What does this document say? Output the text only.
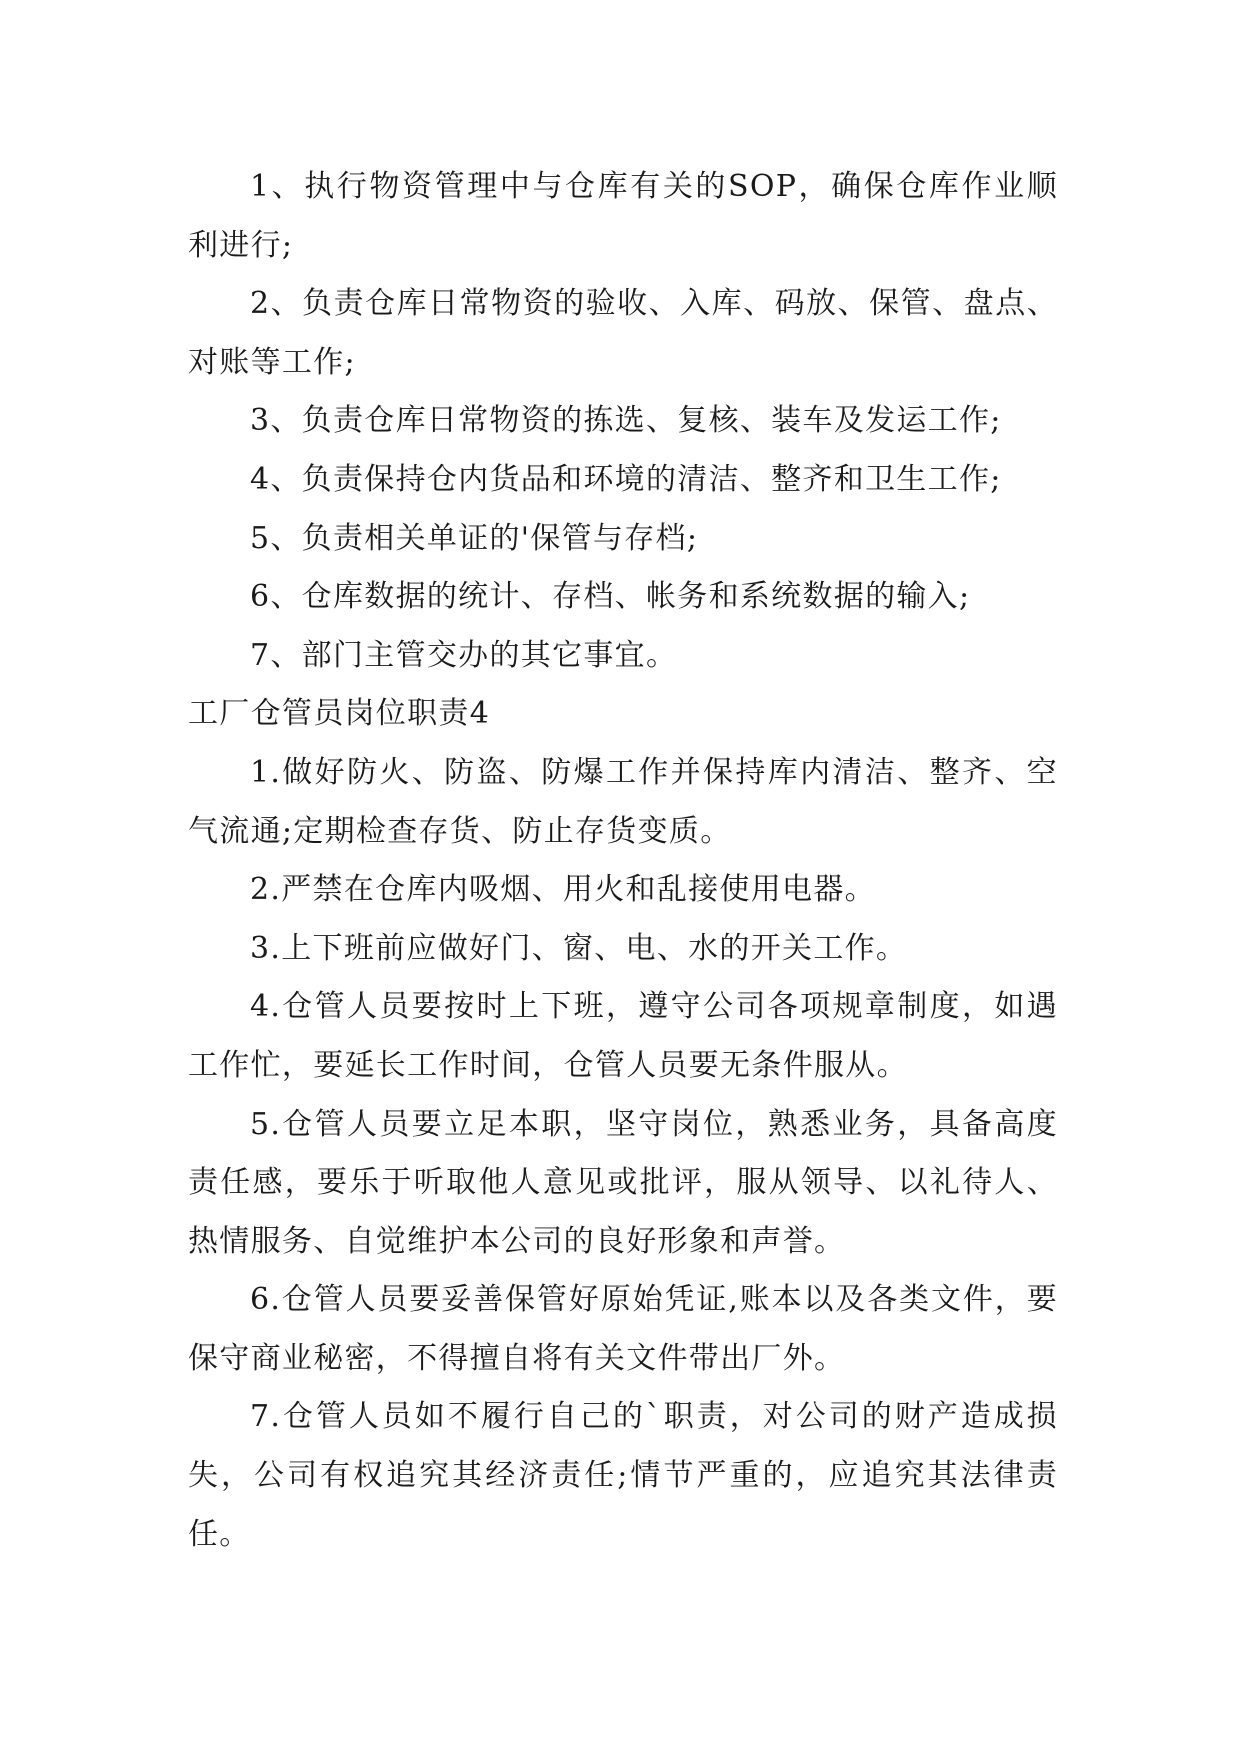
1、执行物资管理中与仓库有关的SOP，确保仓库作业顺利进行;

2、负责仓库日常物资的验收、入库、码放、保管、盘点、对账等工作;

3、负责仓库日常物资的拣选、复核、装车及发运工作;

4、负责保持仓内货品和环境的清洁、整齐和卫生工作;

5、负责相关单证的'保管与存档;

6、仓库数据的统计、存档、帐务和系统数据的输入;

7、部门主管交办的其它事宜。

工厂仓管员岗位职责4

1.做好防火、防盗、防爆工作并保持库内清洁、整齐、空气流通;定期检查存货、防止存货变质。

2.严禁在仓库内吸烟、用火和乱接使用电器。

3.上下班前应做好门、窗、电、水的开关工作。

4.仓管人员要按时上下班，遵守公司各项规章制度，如遇工作忙，要延长工作时间，仓管人员要无条件服从。

5.仓管人员要立足本职，坚守岗位，熟悉业务，具备高度责任感，要乐于听取他人意见或批评，服从领导、以礼待人、热情服务、自觉维护本公司的良好形象和声誉。

6.仓管人员要妥善保管好原始凭证,账本以及各类文件，要保守商业秘密，不得擅自将有关文件带出厂外。

7.仓管人员如不履行自己的`职责，对公司的财产造成损失，公司有权追究其经济责任;情节严重的，应追究其法律责任。
